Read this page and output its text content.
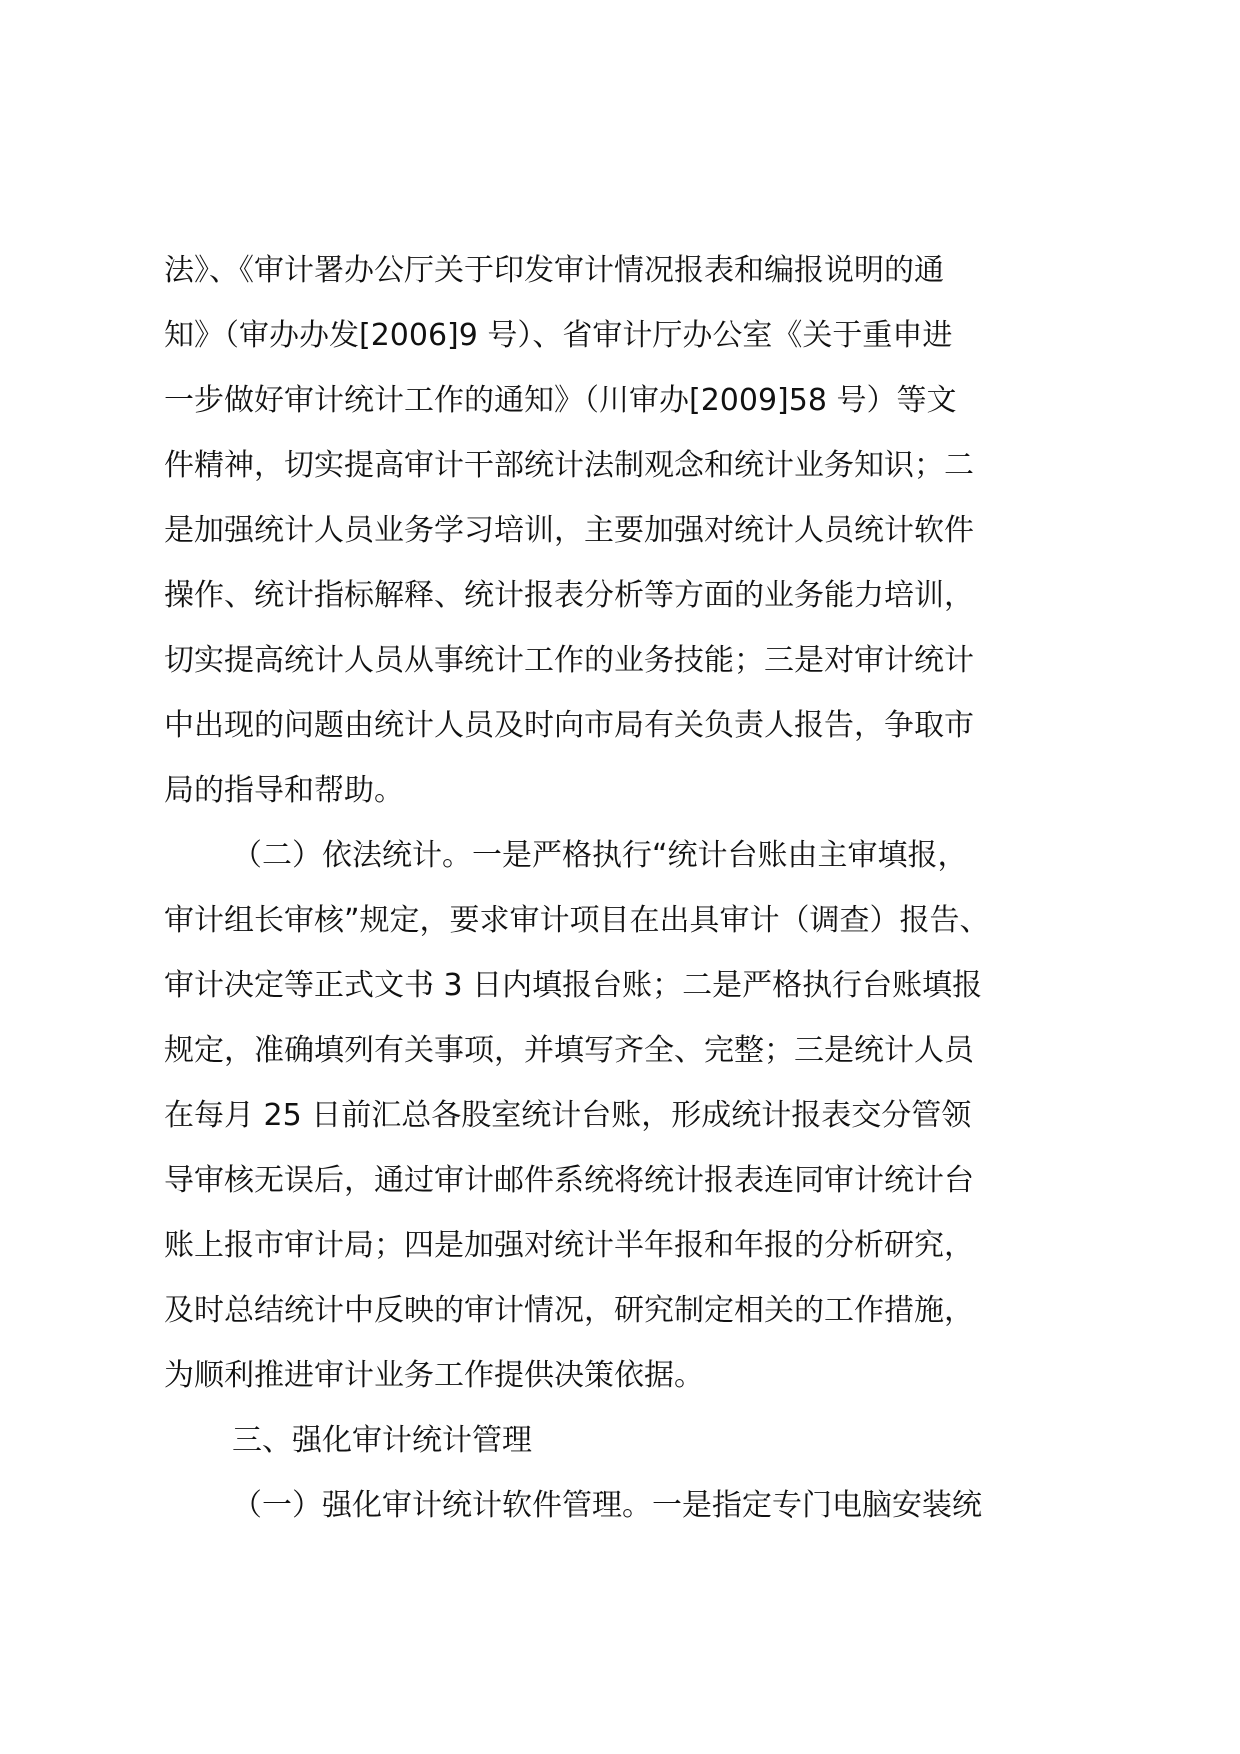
法》、《审计署办公厅关于印发审计情况报表和编报说明的通
知》（审办办发[2006]9 号）、省审计厅办公室《关于重申进
一步做好审计统计工作的通知》（川审办[2009]58 号）等文
件精神，切实提高审计干部统计法制观念和统计业务知识；二
是加强统计人员业务学习培训，主要加强对统计人员统计软件
操作、统计指标解释、统计报表分析等方面的业务能力培训，
切实提高统计人员从事统计工作的业务技能；三是对审计统计
中出现的问题由统计人员及时向市局有关负责人报告，争取市
局的指导和帮助。
（二）依法统计。一是严格执行“统计台账由主审填报，
审计组长审核”规定，要求审计项目在出具审计（调查）报告、
审计决定等正式文书 3 日内填报台账；二是严格执行台账填报
规定，准确填列有关事项，并填写齐全、完整；三是统计人员
在每月 25 日前汇总各股室统计台账，形成统计报表交分管领
导审核无误后，通过审计邮件系统将统计报表连同审计统计台
账上报市审计局；四是加强对统计半年报和年报的分析研究，
及时总结统计中反映的审计情况，研究制定相关的工作措施，
为顺利推进审计业务工作提供决策依据。
三、强化审计统计管理
（一）强化审计统计软件管理。一是指定专门电脑安装统
